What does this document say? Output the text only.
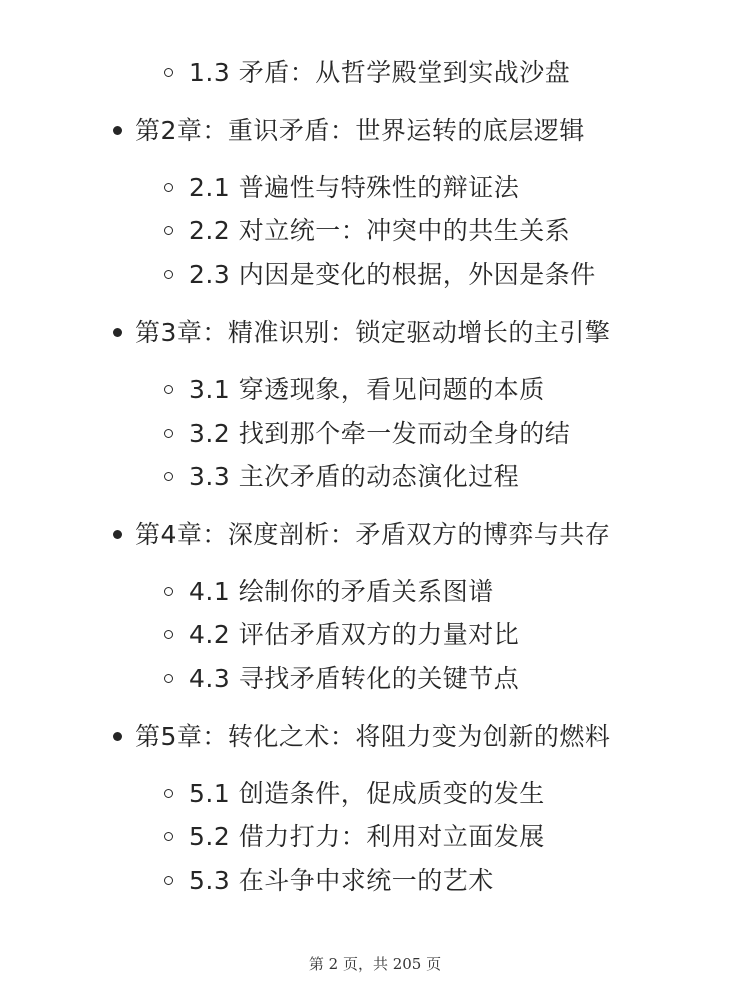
1.3 矛盾：从哲学殿堂到实战沙盘
第2章：重识矛盾：世界运转的底层逻辑
2.1 普遍性与特殊性的辩证法
2.2 对立统一：冲突中的共生关系
2.3 内因是变化的根据，外因是条件
第3章：精准识别：锁定驱动增长的主引擎
3.1 穿透现象，看见问题的本质
3.2 找到那个牵一发而动全身的结
3.3 主次矛盾的动态演化过程
第4章：深度剖析：矛盾双方的博弈与共存
4.1 绘制你的矛盾关系图谱
4.2 评估矛盾双方的力量对比
4.3 寻找矛盾转化的关键节点
第5章：转化之术：将阻力变为创新的燃料
5.1 创造条件，促成质变的发生
5.2 借力打力：利用对立面发展
5.3 在斗争中求统一的艺术
第 2 页，共 205 页
